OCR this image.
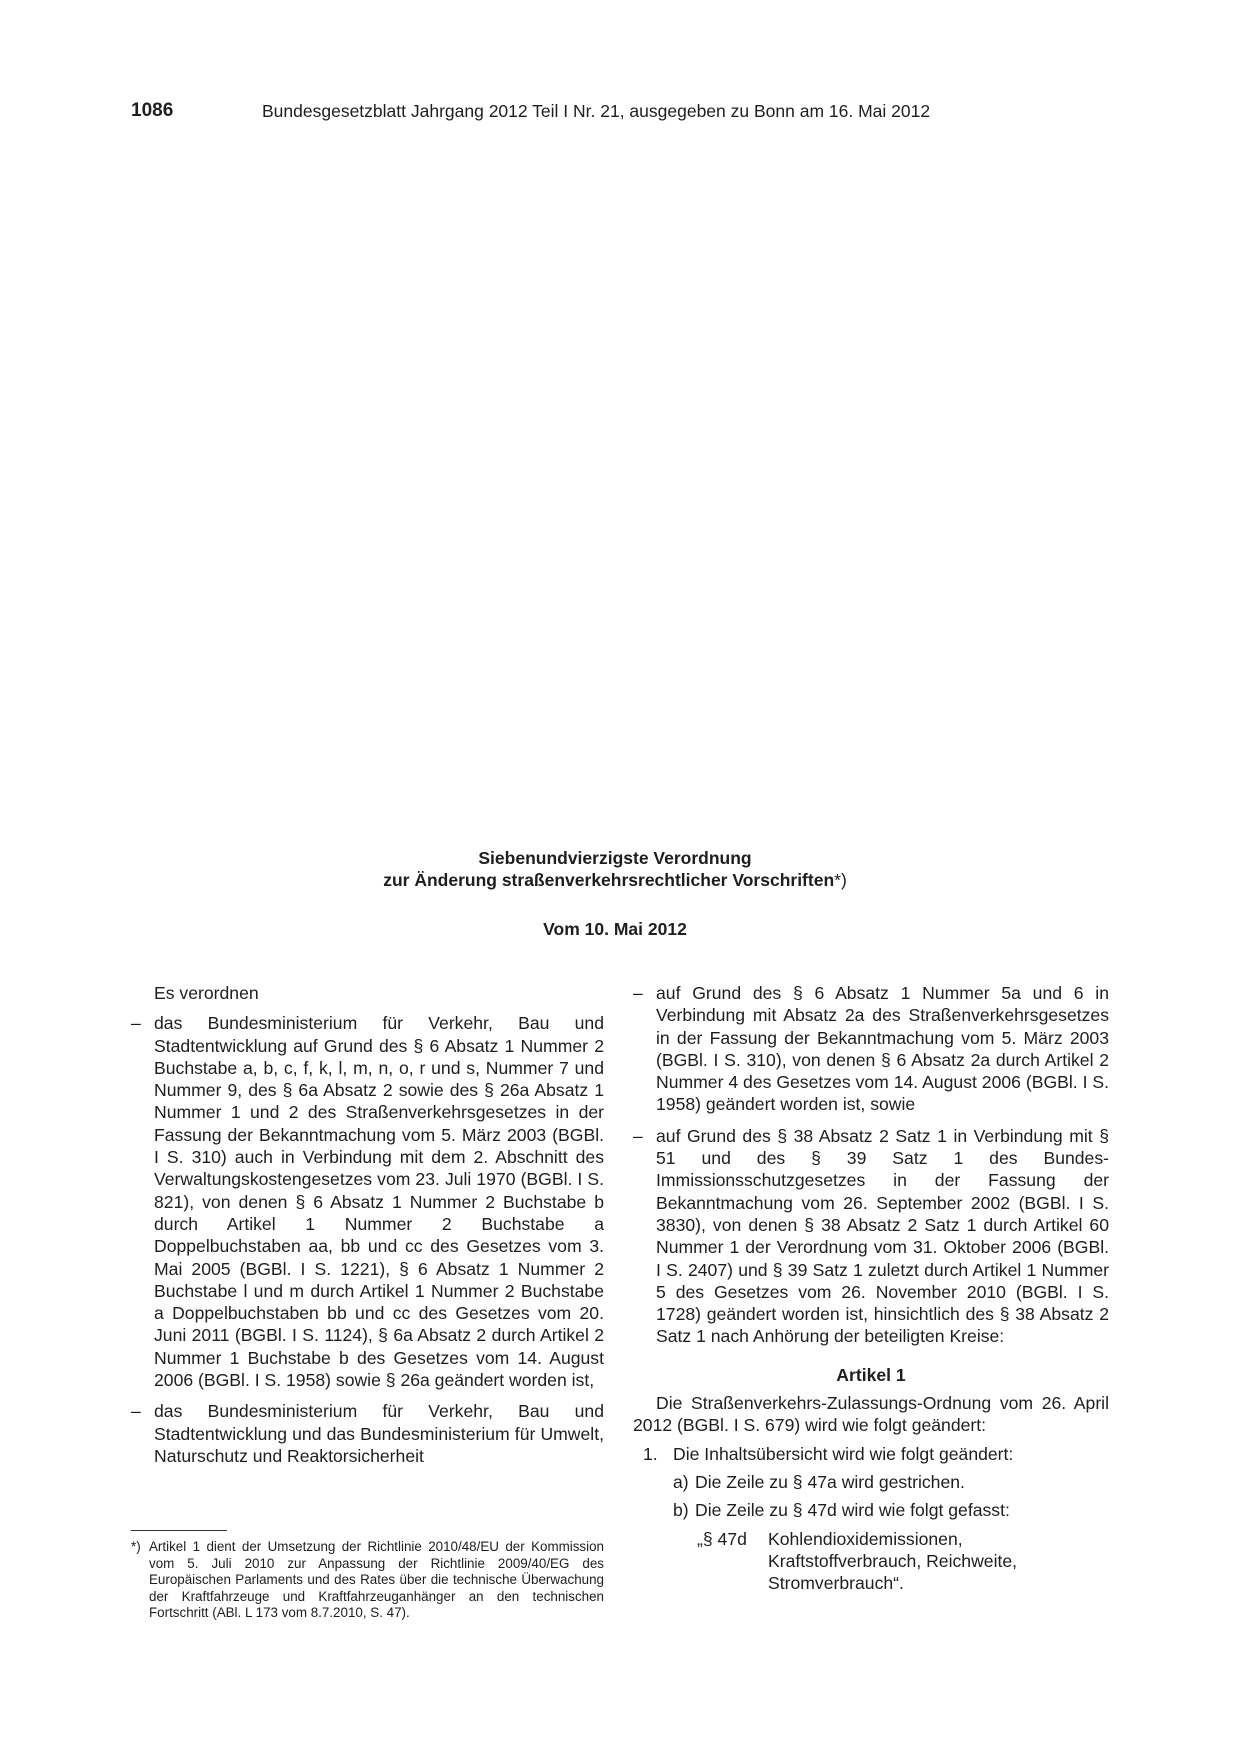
1086	Bundesgesetzblatt Jahrgang 2012 Teil I Nr. 21, ausgegeben zu Bonn am 16. Mai 2012
Siebenundvierzigste Verordnung
zur Änderung straßenverkehrsrechtlicher Vorschriften*)
Vom 10. Mai 2012
Es verordnen
– das Bundesministerium für Verkehr, Bau und Stadtentwicklung auf Grund des § 6 Absatz 1 Nummer 2 Buchstabe a, b, c, f, k, l, m, n, o, r und s, Nummer 7 und Nummer 9, des § 6a Absatz 2 sowie des § 26a Absatz 1 Nummer 1 und 2 des Straßenverkehrsgesetzes in der Fassung der Bekanntmachung vom 5. März 2003 (BGBl. I S. 310) auch in Verbindung mit dem 2. Abschnitt des Verwaltungskostengesetzes vom 23. Juli 1970 (BGBl. I S. 821), von denen § 6 Absatz 1 Nummer 2 Buchstabe b durch Artikel 1 Nummer 2 Buchstabe a Doppelbuchstaben aa, bb und cc des Gesetzes vom 3. Mai 2005 (BGBl. I S. 1221), § 6 Absatz 1 Nummer 2 Buchstabe l und m durch Artikel 1 Nummer 2 Buchstabe a Doppelbuchstaben bb und cc des Gesetzes vom 20. Juni 2011 (BGBl. I S. 1124), § 6a Absatz 2 durch Artikel 2 Nummer 1 Buchstabe b des Gesetzes vom 14. August 2006 (BGBl. I S. 1958) sowie § 26a geändert worden ist,
– das Bundesministerium für Verkehr, Bau und Stadtentwicklung und das Bundesministerium für Umwelt, Naturschutz und Reaktorsicherheit
– auf Grund des § 6 Absatz 1 Nummer 5a und 6 in Verbindung mit Absatz 2a des Straßenverkehrsgesetzes in der Fassung der Bekanntmachung vom 5. März 2003 (BGBl. I S. 310), von denen § 6 Absatz 2a durch Artikel 2 Nummer 4 des Gesetzes vom 14. August 2006 (BGBl. I S. 1958) geändert worden ist, sowie
– auf Grund des § 38 Absatz 2 Satz 1 in Verbindung mit § 51 und des § 39 Satz 1 des Bundes-Immissionsschutzgesetzes in der Fassung der Bekanntmachung vom 26. September 2002 (BGBl. I S. 3830), von denen § 38 Absatz 2 Satz 1 durch Artikel 60 Nummer 1 der Verordnung vom 31. Oktober 2006 (BGBl. I S. 2407) und § 39 Satz 1 zuletzt durch Artikel 1 Nummer 5 des Gesetzes vom 26. November 2010 (BGBl. I S. 1728) geändert worden ist, hinsichtlich des § 38 Absatz 2 Satz 1 nach Anhörung der beteiligten Kreise:
Artikel 1
Die Straßenverkehrs-Zulassungs-Ordnung vom 26. April 2012 (BGBl. I S. 679) wird wie folgt geändert:
1. Die Inhaltsübersicht wird wie folgt geändert:
a) Die Zeile zu § 47a wird gestrichen.
b) Die Zeile zu § 47d wird wie folgt gefasst:
„§ 47d Kohlendioxidemissionen, Kraftstoffverbrauch, Reichweite, Stromverbrauch“.
*) Artikel 1 dient der Umsetzung der Richtlinie 2010/48/EU der Kommission vom 5. Juli 2010 zur Anpassung der Richtlinie 2009/40/EG des Europäischen Parlaments und des Rates über die technische Überwachung der Kraftfahrzeuge und Kraftfahrzeuganhänger an den technischen Fortschritt (ABl. L 173 vom 8.7.2010, S. 47).
